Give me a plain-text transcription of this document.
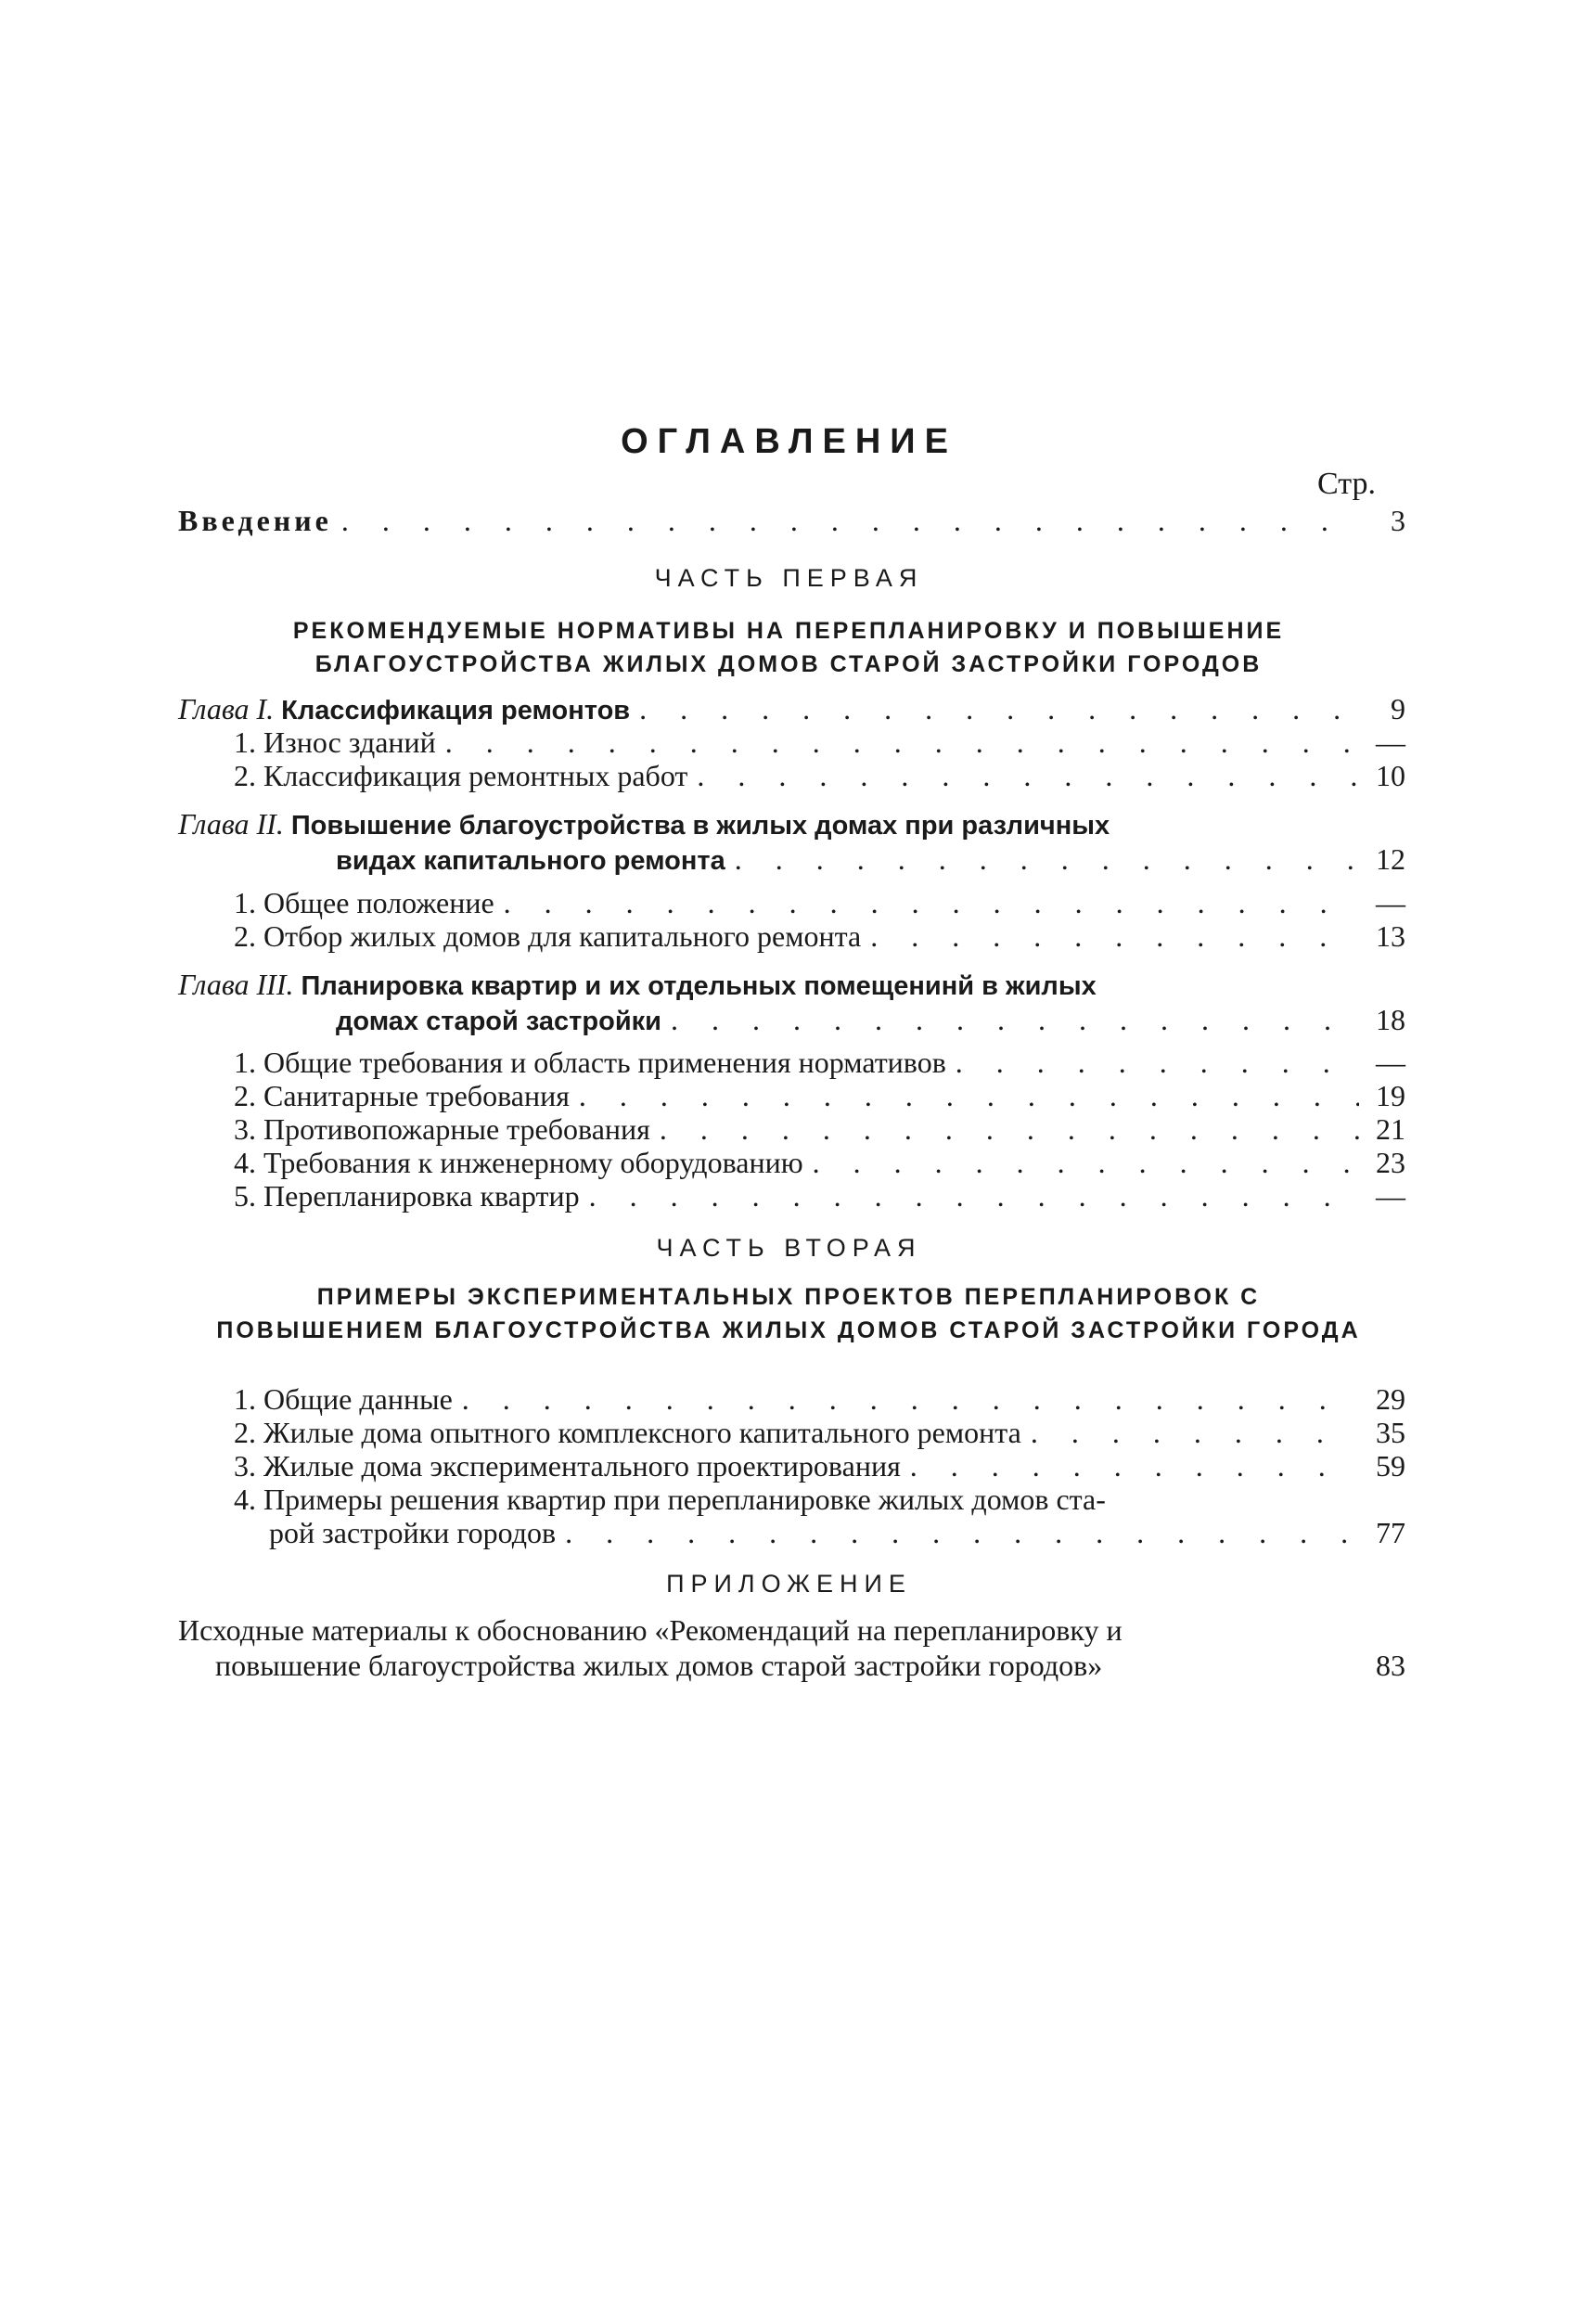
ОГЛАВЛЕНИЕ
Стр.
Введение . . .	3
ЧАСТЬ ПЕРВАЯ
РЕКОМЕНДУЕМЫЕ НОРМАТИВЫ НА ПЕРЕПЛАНИРОВКУ И ПОВЫШЕНИЕ БЛАГОУСТРОЙСТВА ЖИЛЫХ ДОМОВ СТАРОЙ ЗАСТРОЙКИ ГОРОДОВ
Глава I. Классификация ремонтов . . .	9
1. Износ зданий . . .	—
2. Классификация ремонтных работ . . .	10
Глава II. Повышение благоустройства в жилых домах при различных
видах капитального ремонта . . .	12
1. Общее положение . . .	—
2. Отбор жилых домов для капитального ремонта . . .	13
Глава III. Планировка квартир и их отдельных помещенинй в жилых
домах старой застройки . . .	18
1. Общие требования и область применения нормативов . . .	—
2. Санитарные требования . . .	19
3. Противопожарные требования . . .	21
4. Требования к инженерному оборудованию . . .	23
5. Перепланировка квартир . . .	—
ЧАСТЬ ВТОРАЯ
ПРИМЕРЫ ЭКСПЕРИМЕНТАЛЬНЫХ ПРОЕКТОВ ПЕРЕПЛАНИРОВОК С ПОВЫШЕНИЕМ БЛАГОУСТРОЙСТВА ЖИЛЫХ ДОМОВ СТАРОЙ ЗАСТРОЙКИ ГОРОДА
1. Общие данные . . .	29
2. Жилые дома опытного комплексного капитального ремонта . . .	35
3. Жилые дома экспериментального проектирования . . .	59
4. Примеры решения квартир при перепланировке жилых домов ста-
рой застройки городов . . .	77
ПРИЛОЖЕНИЕ
Исходные материалы к обоснованию «Рекомендаций на перепланировку и
повышение благоустройства жилых домов старой застройки городов»	83
